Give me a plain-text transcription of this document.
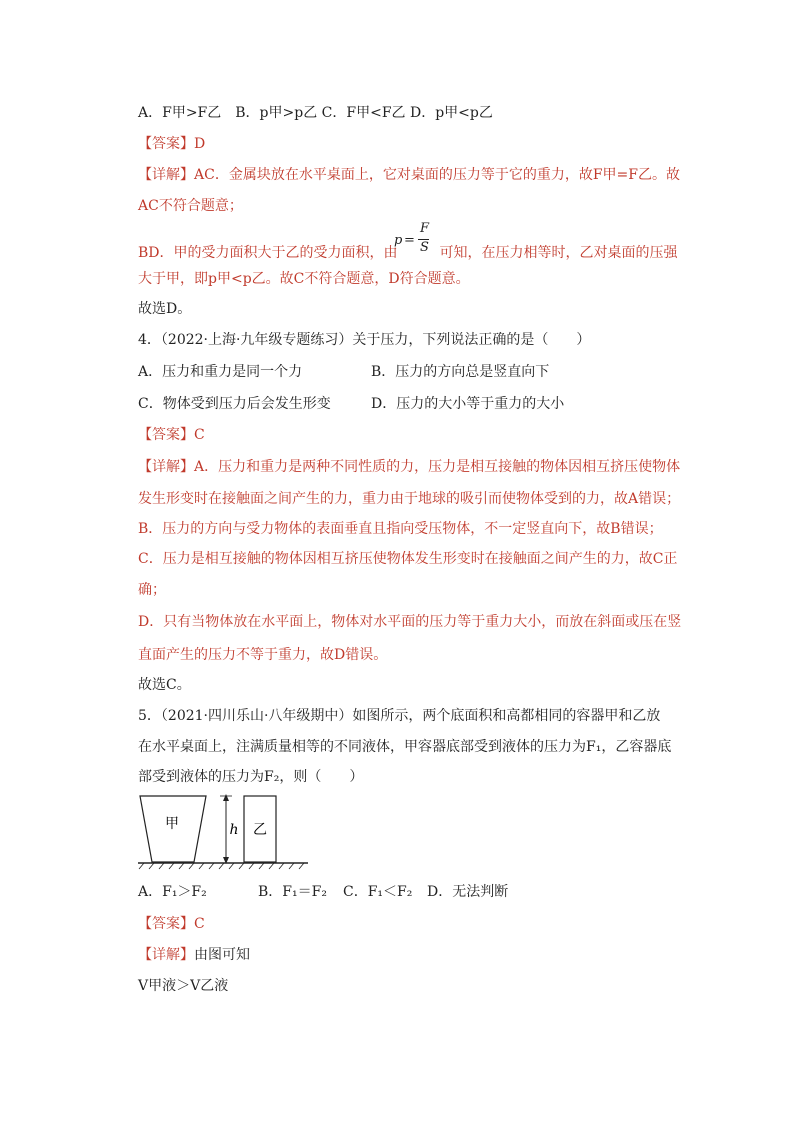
A．F甲>F乙　B．p甲>p乙 C．F甲<F乙 D．p甲<p乙
【答案】D
【详解】AC．金属块放在水平桌面上，它对桌面的压力等于它的重力，故F甲=F乙。故
AC不符合题意；
BD．甲的受力面积大于乙的受力面积，由	可知，在压力相等时，乙对桌面的压强
p =
F
S
大于甲，即p甲<p乙。故C不符合题意，D符合题意。
故选D。
4．（2022·上海·九年级专题练习）关于压力，下列说法正确的是（　　）
A．压力和重力是同一个力	B．压力的方向总是竖直向下
C．物体受到压力后会发生形变	D．压力的大小等于重力的大小
【答案】C
【详解】A．压力和重力是两种不同性质的力，压力是相互接触的物体因相互挤压使物体
发生形变时在接触面之间产生的力，重力由于地球的吸引而使物体受到的力，故A错误；
B．压力的方向与受力物体的表面垂直且指向受压物体，不一定竖直向下，故B错误；
C．压力是相互接触的物体因相互挤压使物体发生形变时在接触面之间产生的力，故C正
确；
D．只有当物体放在水平面上，物体对水平面的压力等于重力大小，而放在斜面或压在竖
直面产生的压力不等于重力，故D错误。
故选C。
5．（2021·四川乐山·八年级期中）如图所示，两个底面积和高都相同的容器甲和乙放
在水平桌面上，注满质量相等的不同液体，甲容器底部受到液体的压力为F₁，乙容器底
部受到液体的压力为F₂，则（　　）
甲	h 乙
A．F₁＞F₂	B．F₁＝F₂ C．F₁＜F₂ D．无法判断
【答案】C
【详解】由图可知
V甲液＞V乙液
